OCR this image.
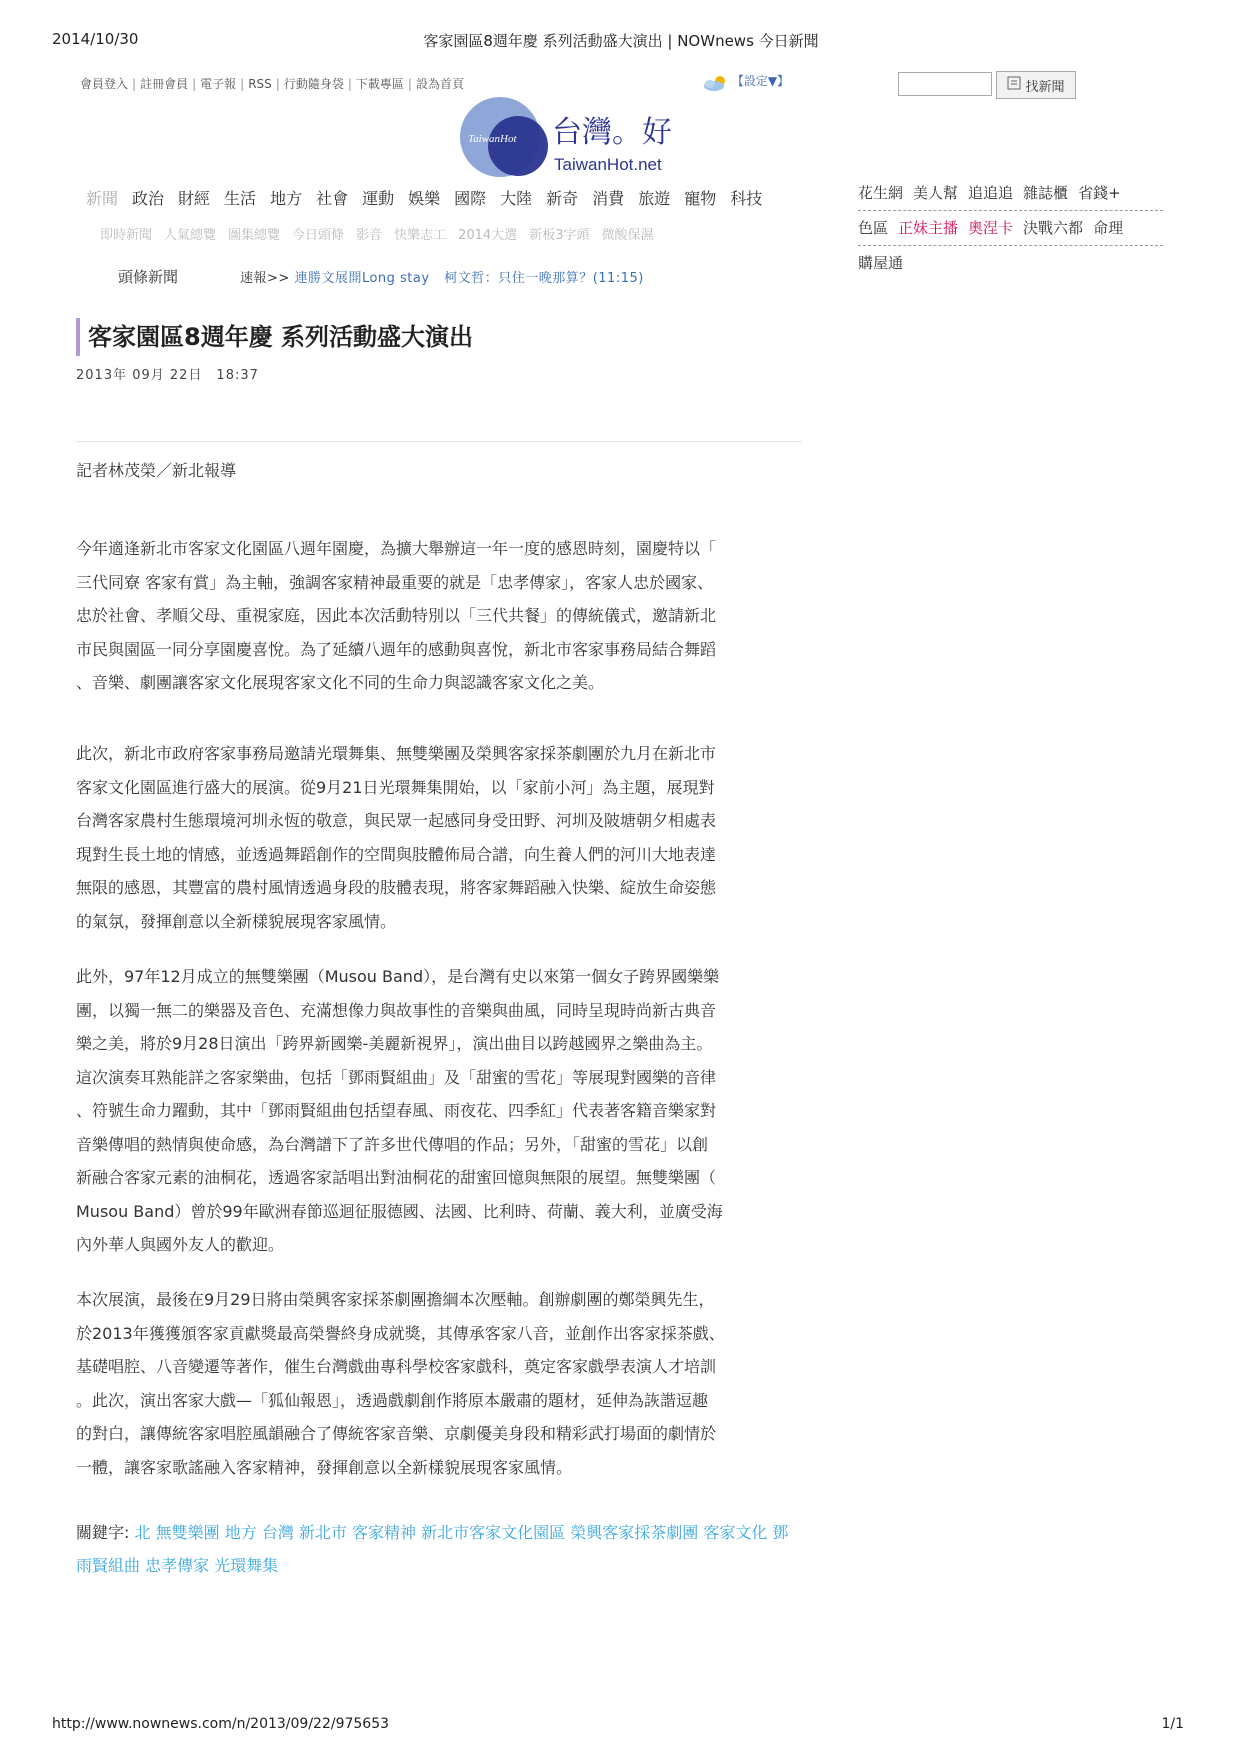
2014/10/30	客家園區8週年慶 系列活動盛大演出 | NOWnews 今日新聞
會員登入 | 註冊會員 | 電子報 | RSS | 行動隨身袋 | 下載專區 | 設為首頁	【設定▼】	找新聞
TaiwanHot 台灣。好
TaiwanHot.net
新聞 政治 財經 生活 地方 社會 運動 娛樂 國際 大陸 新奇 消費 旅遊 寵物 科技
即時新聞 人氣總覽 圖集總覽 今日頭條 影音 快樂志工 2014大選 新板3字頭 微酸保濕
花生網 美人幫 追追追 雜誌櫃 省錢+
色區 正妹主播 奧涅卡 決戰六都 命理
購屋通
頭條新聞	速報>> 連勝文展開Long stay 柯文哲：只住一晚那算？(11:15)
客家園區8週年慶 系列活動盛大演出
2013年 09月 22日　18:37
記者林茂榮／新北報導
今年適逢新北市客家文化園區八週年園慶，為擴大舉辦這一年一度的感恩時刻，園慶特以「
三代同寮 客家有賞」為主軸，強調客家精神最重要的就是「忠孝傳家」，客家人忠於國家、
忠於社會、孝順父母、重視家庭，因此本次活動特別以「三代共餐」的傳統儀式，邀請新北
市民與園區一同分享園慶喜悅。為了延續八週年的感動與喜悅，新北市客家事務局結合舞蹈
、音樂、劇團讓客家文化展現客家文化不同的生命力與認識客家文化之美。
此次，新北市政府客家事務局邀請光環舞集、無雙樂團及榮興客家採茶劇團於九月在新北市
客家文化園區進行盛大的展演。從9月21日光環舞集開始，以「家前小河」為主題，展現對
台灣客家農村生態環境河圳永恆的敬意，與民眾一起感同身受田野、河圳及陂塘朝夕相處表
現對生長土地的情感，並透過舞蹈創作的空間與肢體佈局合譜，向生養人們的河川大地表達
無限的感恩，其豐富的農村風情透過身段的肢體表現，將客家舞蹈融入快樂、綻放生命姿態
的氣氛，發揮創意以全新樣貌展現客家風情。
此外，97年12月成立的無雙樂團（Musou Band），是台灣有史以來第一個女子跨界國樂樂
團，以獨一無二的樂器及音色、充滿想像力與故事性的音樂與曲風，同時呈現時尚新古典音
樂之美，將於9月28日演出「跨界新國樂-美麗新視界」，演出曲目以跨越國界之樂曲為主。
這次演奏耳熟能詳之客家樂曲，包括「鄧雨賢組曲」及「甜蜜的雪花」等展現對國樂的音律
、符號生命力躍動，其中「鄧雨賢組曲包括望春風、雨夜花、四季紅」代表著客籍音樂家對
音樂傳唱的熱情與使命感，為台灣譜下了許多世代傳唱的作品；另外，「甜蜜的雪花」以創
新融合客家元素的油桐花，透過客家話唱出對油桐花的甜蜜回憶與無限的展望。無雙樂團（
Musou Band）曾於99年歐洲春節巡迴征服德國、法國、比利時、荷蘭、義大利，並廣受海
內外華人與國外友人的歡迎。
本次展演，最後在9月29日將由榮興客家採茶劇團擔綱本次壓軸。創辦劇團的鄭榮興先生，
於2013年獲獲頒客家貢獻獎最高榮譽終身成就獎，其傳承客家八音，並創作出客家採茶戲、
基礎唱腔、八音變遷等著作，催生台灣戲曲專科學校客家戲科，奠定客家戲學表演人才培訓
。此次，演出客家大戲—「狐仙報恩」，透過戲劇創作將原本嚴肅的題材，延伸為詼諧逗趣
的對白，讓傳統客家唱腔風韻融合了傳統客家音樂、京劇優美身段和精彩武打場面的劇情於
一體，讓客家歌謠融入客家精神，發揮創意以全新樣貌展現客家風情。
關鍵字: 北 無雙樂團 地方 台灣 新北市 客家精神 新北市客家文化園區 榮興客家採茶劇團 客家文化 鄧雨賢組曲 忠孝傳家 光環舞集
http://www.nownews.com/n/2013/09/22/975653	1/1
